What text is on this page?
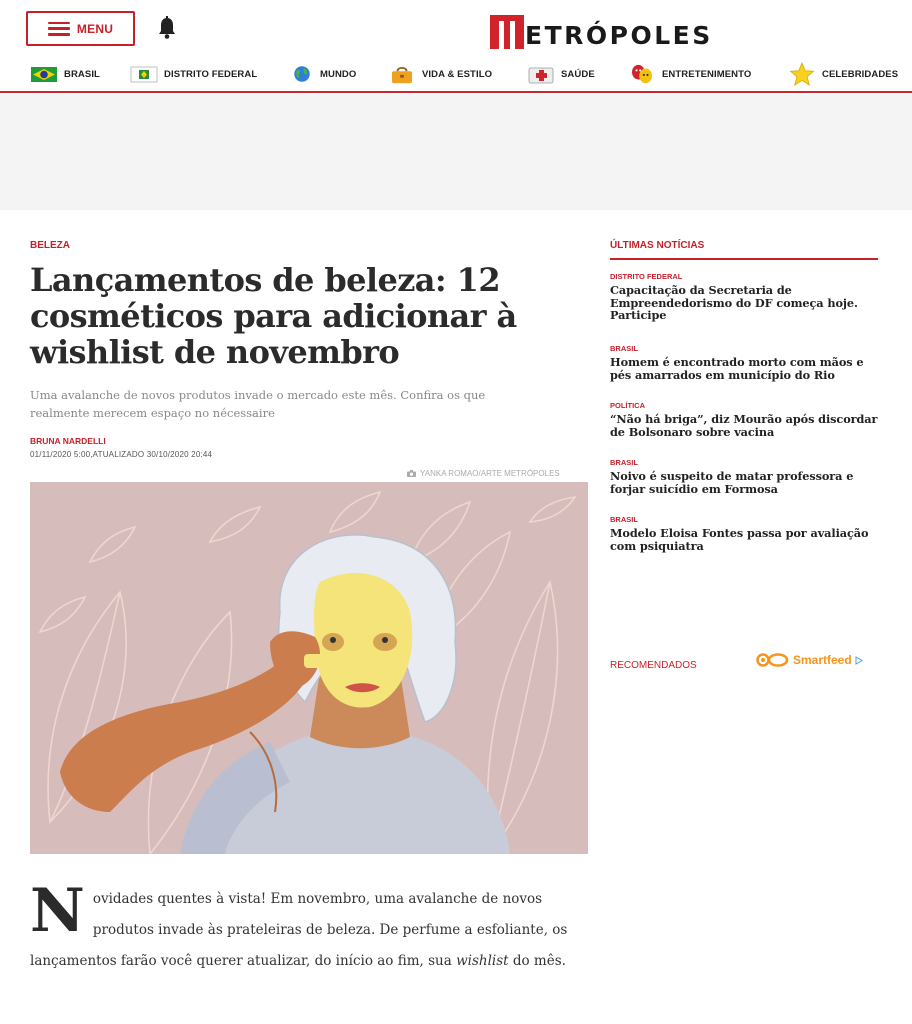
MENU	ETRÓPOLES
BRASIL	DISTRITO FEDERAL	MUNDO	VIDA & ESTILO	SAÚDE	ENTRETENIMENTO	CELEBRIDADES
BELEZA
Lançamentos de beleza: 12 cosméticos para adicionar à wishlist de novembro
Uma avalanche de novos produtos invade o mercado este mês. Confira os que realmente merecem espaço no nécessaire
BRUNA NARDELLI
01/11/2020 5:00,ATUALIZADO 30/10/2020 20:44
YANKA ROMAO/ARTE METRÓPOLES
Novidades quentes à vista! Em novembro, uma avalanche de novos produtos invade às prateleiras de beleza. De perfume a esfoliante, os lançamentos farão você querer atualizar, do início ao fim, sua wishlist do mês.
ÚLTIMAS NOTÍCIAS
DISTRITO FEDERAL
Capacitação da Secretaria de Empreendedorismo do DF começa hoje. Participe
BRASIL
Homem é encontrado morto com mãos e pés amarrados em município do Rio
POLÍTICA
“Não há briga”, diz Mourão após discordar de Bolsonaro sobre vacina
BRASIL
Noivo é suspeito de matar professora e forjar suicídio em Formosa
BRASIL
Modelo Eloisa Fontes passa por avaliação com psiquiatra
RECOMENDADOS	Smartfeed
